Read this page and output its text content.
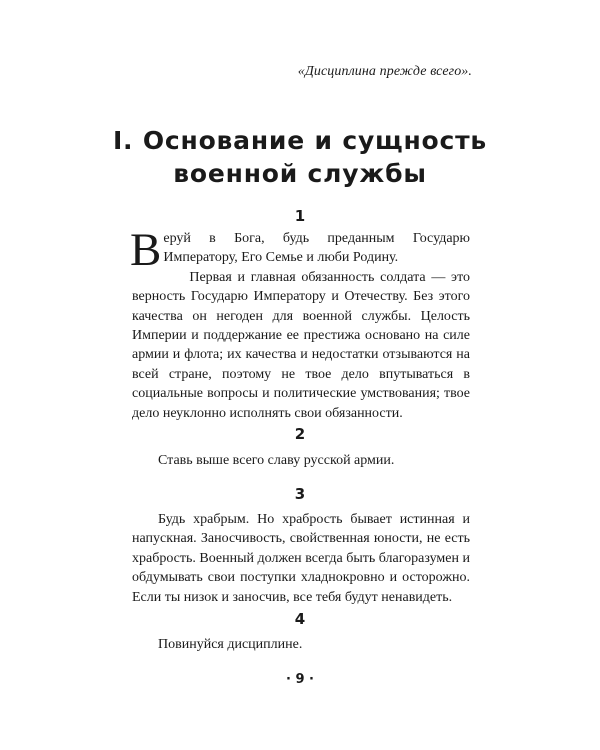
«Дисциплина прежде всего».
I. Основание и сущность
военной службы
1

Веруй в Бога, будь преданным Государю Императору, Его Семье и люби Родину.

Первая и главная обязанность солдата — это верность Государю Императору и Отечеству. Без этого качества он негоден для военной службы. Целость Империи и поддержание ее престижа основано на силе армии и флота; их качества и недостатки отзываются на всей стране, поэтому не твое дело впутываться в социальные вопросы и политические умствования; твое дело неуклонно исполнять свои обязанности.

2

Ставь выше всего славу русской армии.

3

Будь храбрым. Но храбрость бывает истинная и напускная. Заносчивость, свойственная юности, не есть храбрость. Военный должен всегда быть благоразумен и обдумывать свои поступки хладнокровно и осторожно. Если ты низок и заносчив, все тебя будут ненавидеть.

4

Повинуйся дисциплине.

· 9 ·
